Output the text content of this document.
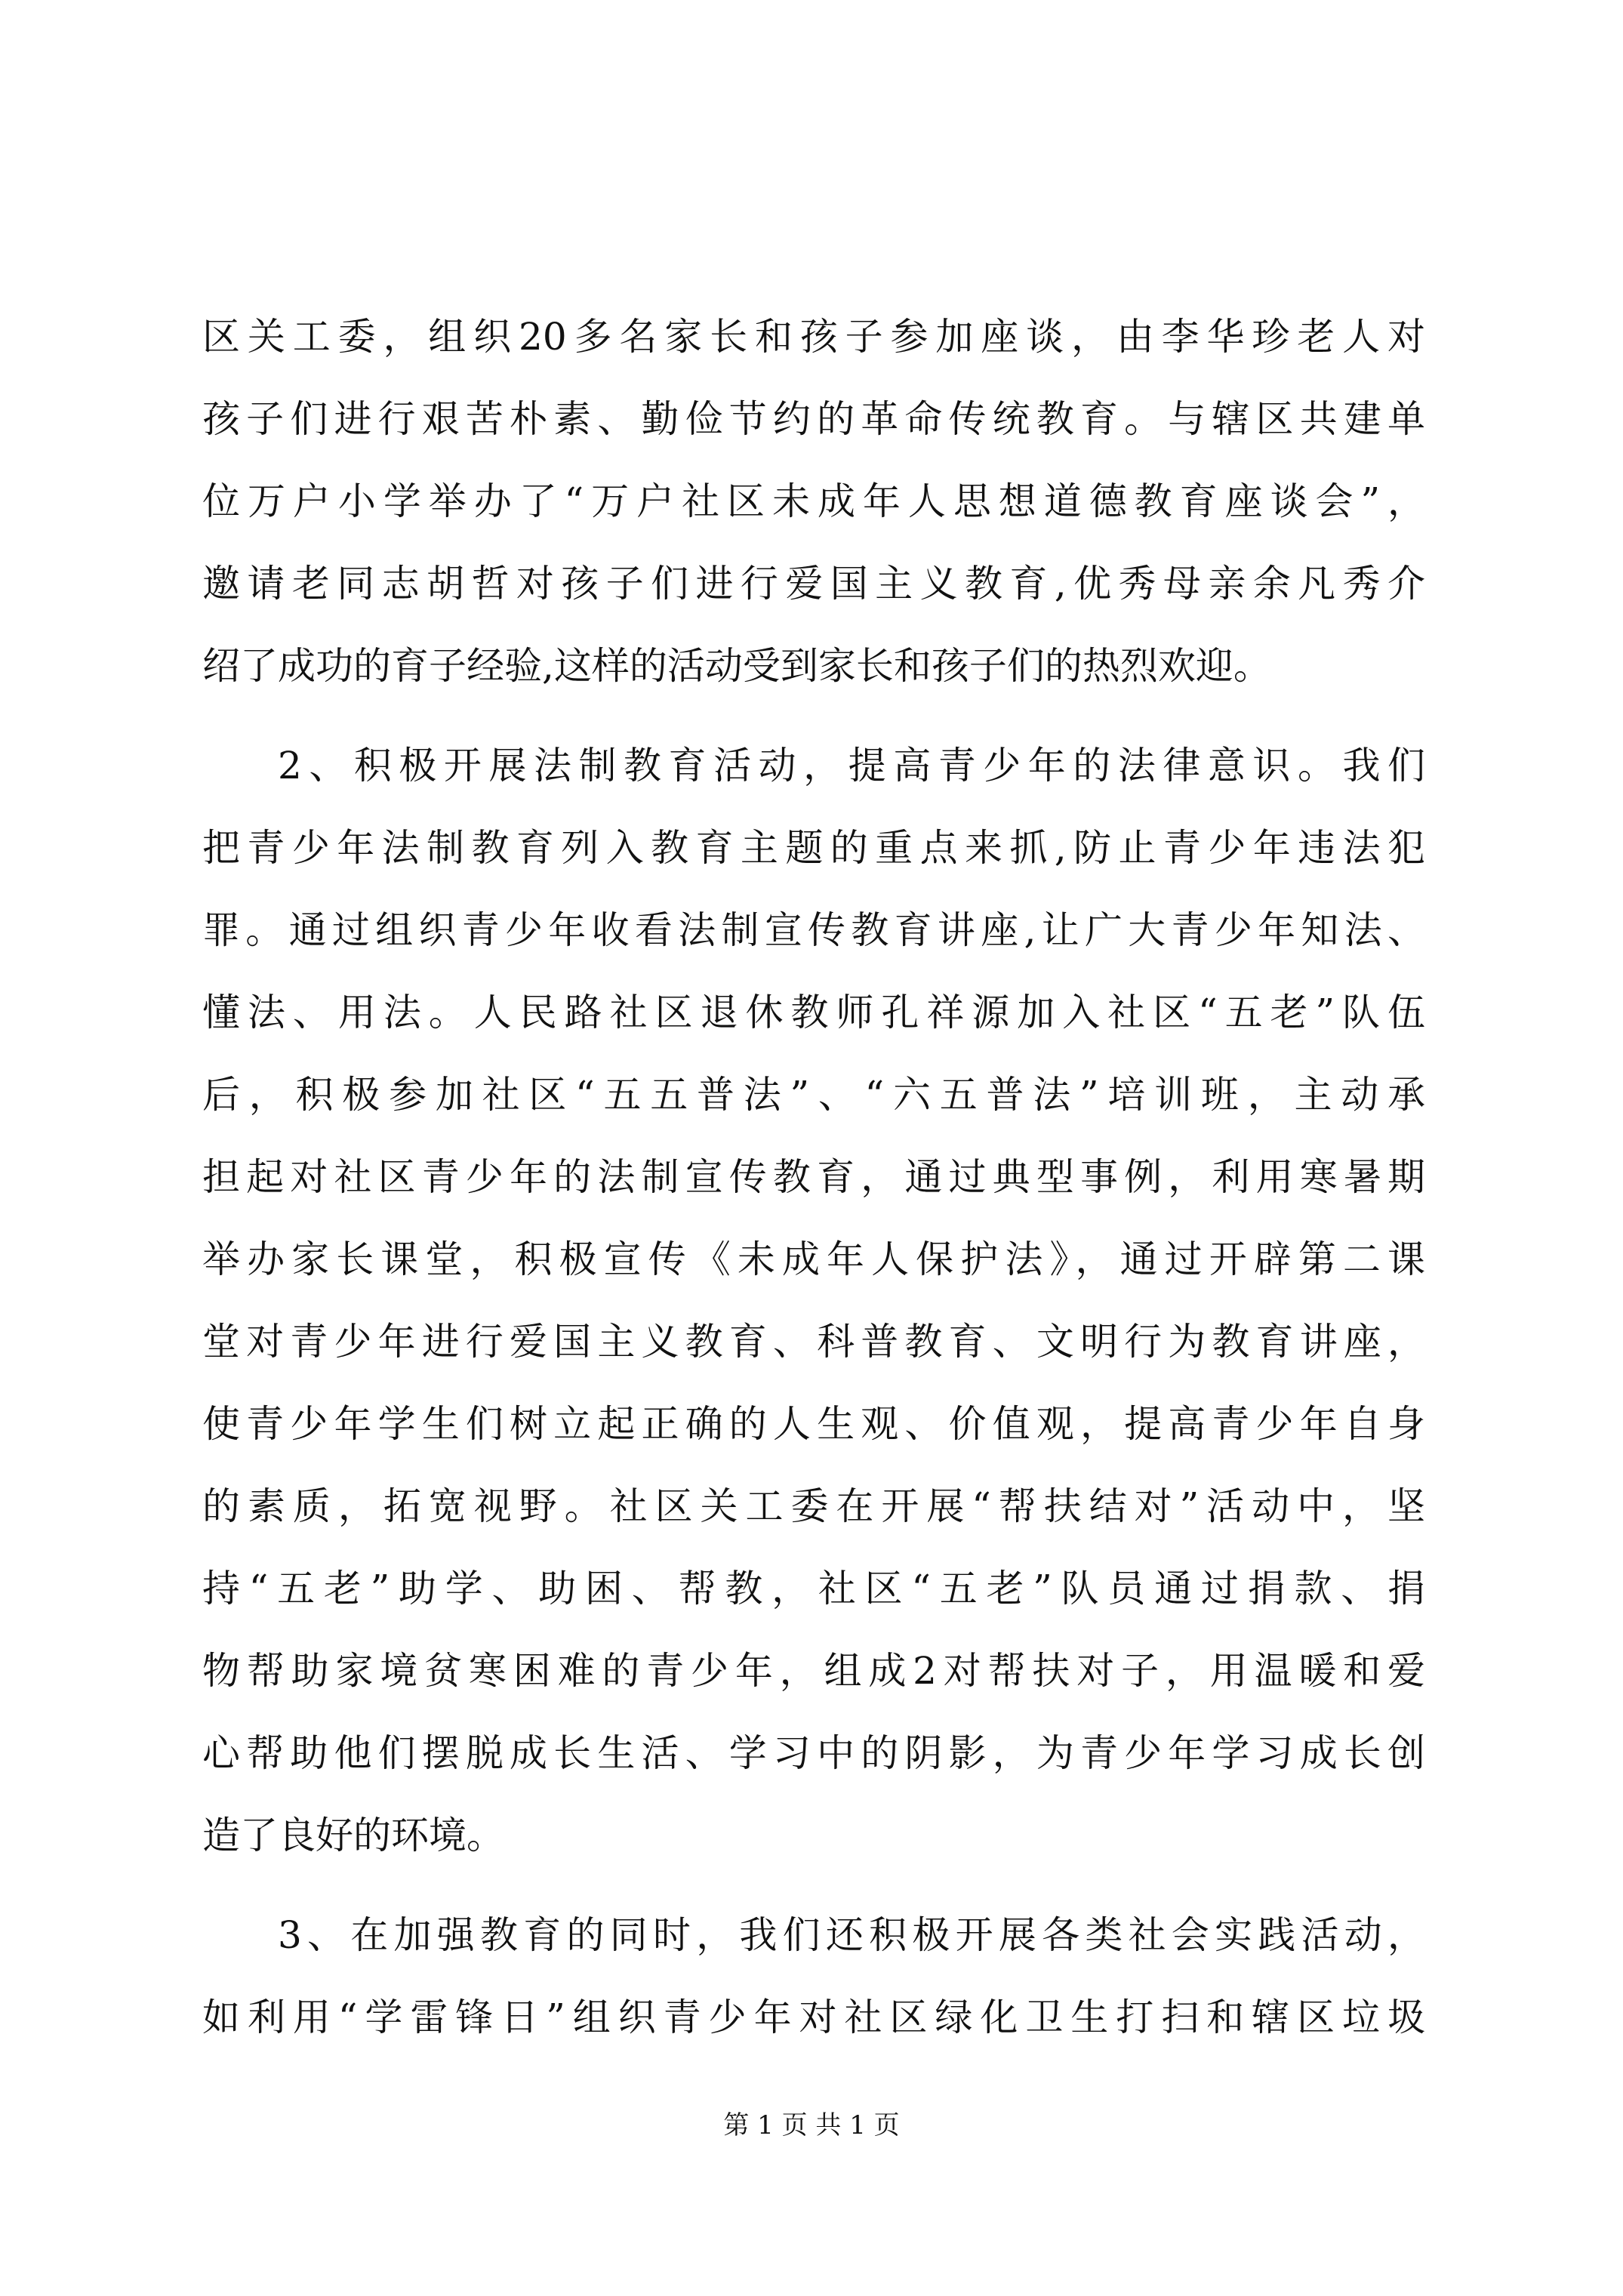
区关工委，组织20多名家长和孩子参加座谈，由李华珍老人对
孩子们进行艰苦朴素、勤俭节约的革命传统教育。与辖区共建单
位万户小学举办了“万户社区未成年人思想道德教育座谈会”，
邀请老同志胡哲对孩子们进行爱国主义教育,优秀母亲余凡秀介
绍了成功的育子经验,这样的活动受到家长和孩子们的热烈欢迎。
2、积极开展法制教育活动，提高青少年的法律意识。我们
把青少年法制教育列入教育主题的重点来抓,防止青少年违法犯
罪。通过组织青少年收看法制宣传教育讲座,让广大青少年知法、
懂法、用法。人民路社区退休教师孔祥源加入社区“五老”队伍
后，积极参加社区“五五普法”、“六五普法”培训班，主动承
担起对社区青少年的法制宣传教育，通过典型事例，利用寒暑期
举办家长课堂，积极宣传《未成年人保护法》，通过开辟第二课
堂对青少年进行爱国主义教育、科普教育、文明行为教育讲座，
使青少年学生们树立起正确的人生观、价值观，提高青少年自身
的素质，拓宽视野。社区关工委在开展“帮扶结对”活动中，坚
持“五老”助学、助困、帮教，社区“五老”队员通过捐款、捐
物帮助家境贫寒困难的青少年，组成2对帮扶对子，用温暖和爱
心帮助他们摆脱成长生活、学习中的阴影，为青少年学习成长创
造了良好的环境。
3、在加强教育的同时，我们还积极开展各类社会实践活动，
如利用“学雷锋日”组织青少年对社区绿化卫生打扫和辖区垃圾
第 1 页 共 1 页
